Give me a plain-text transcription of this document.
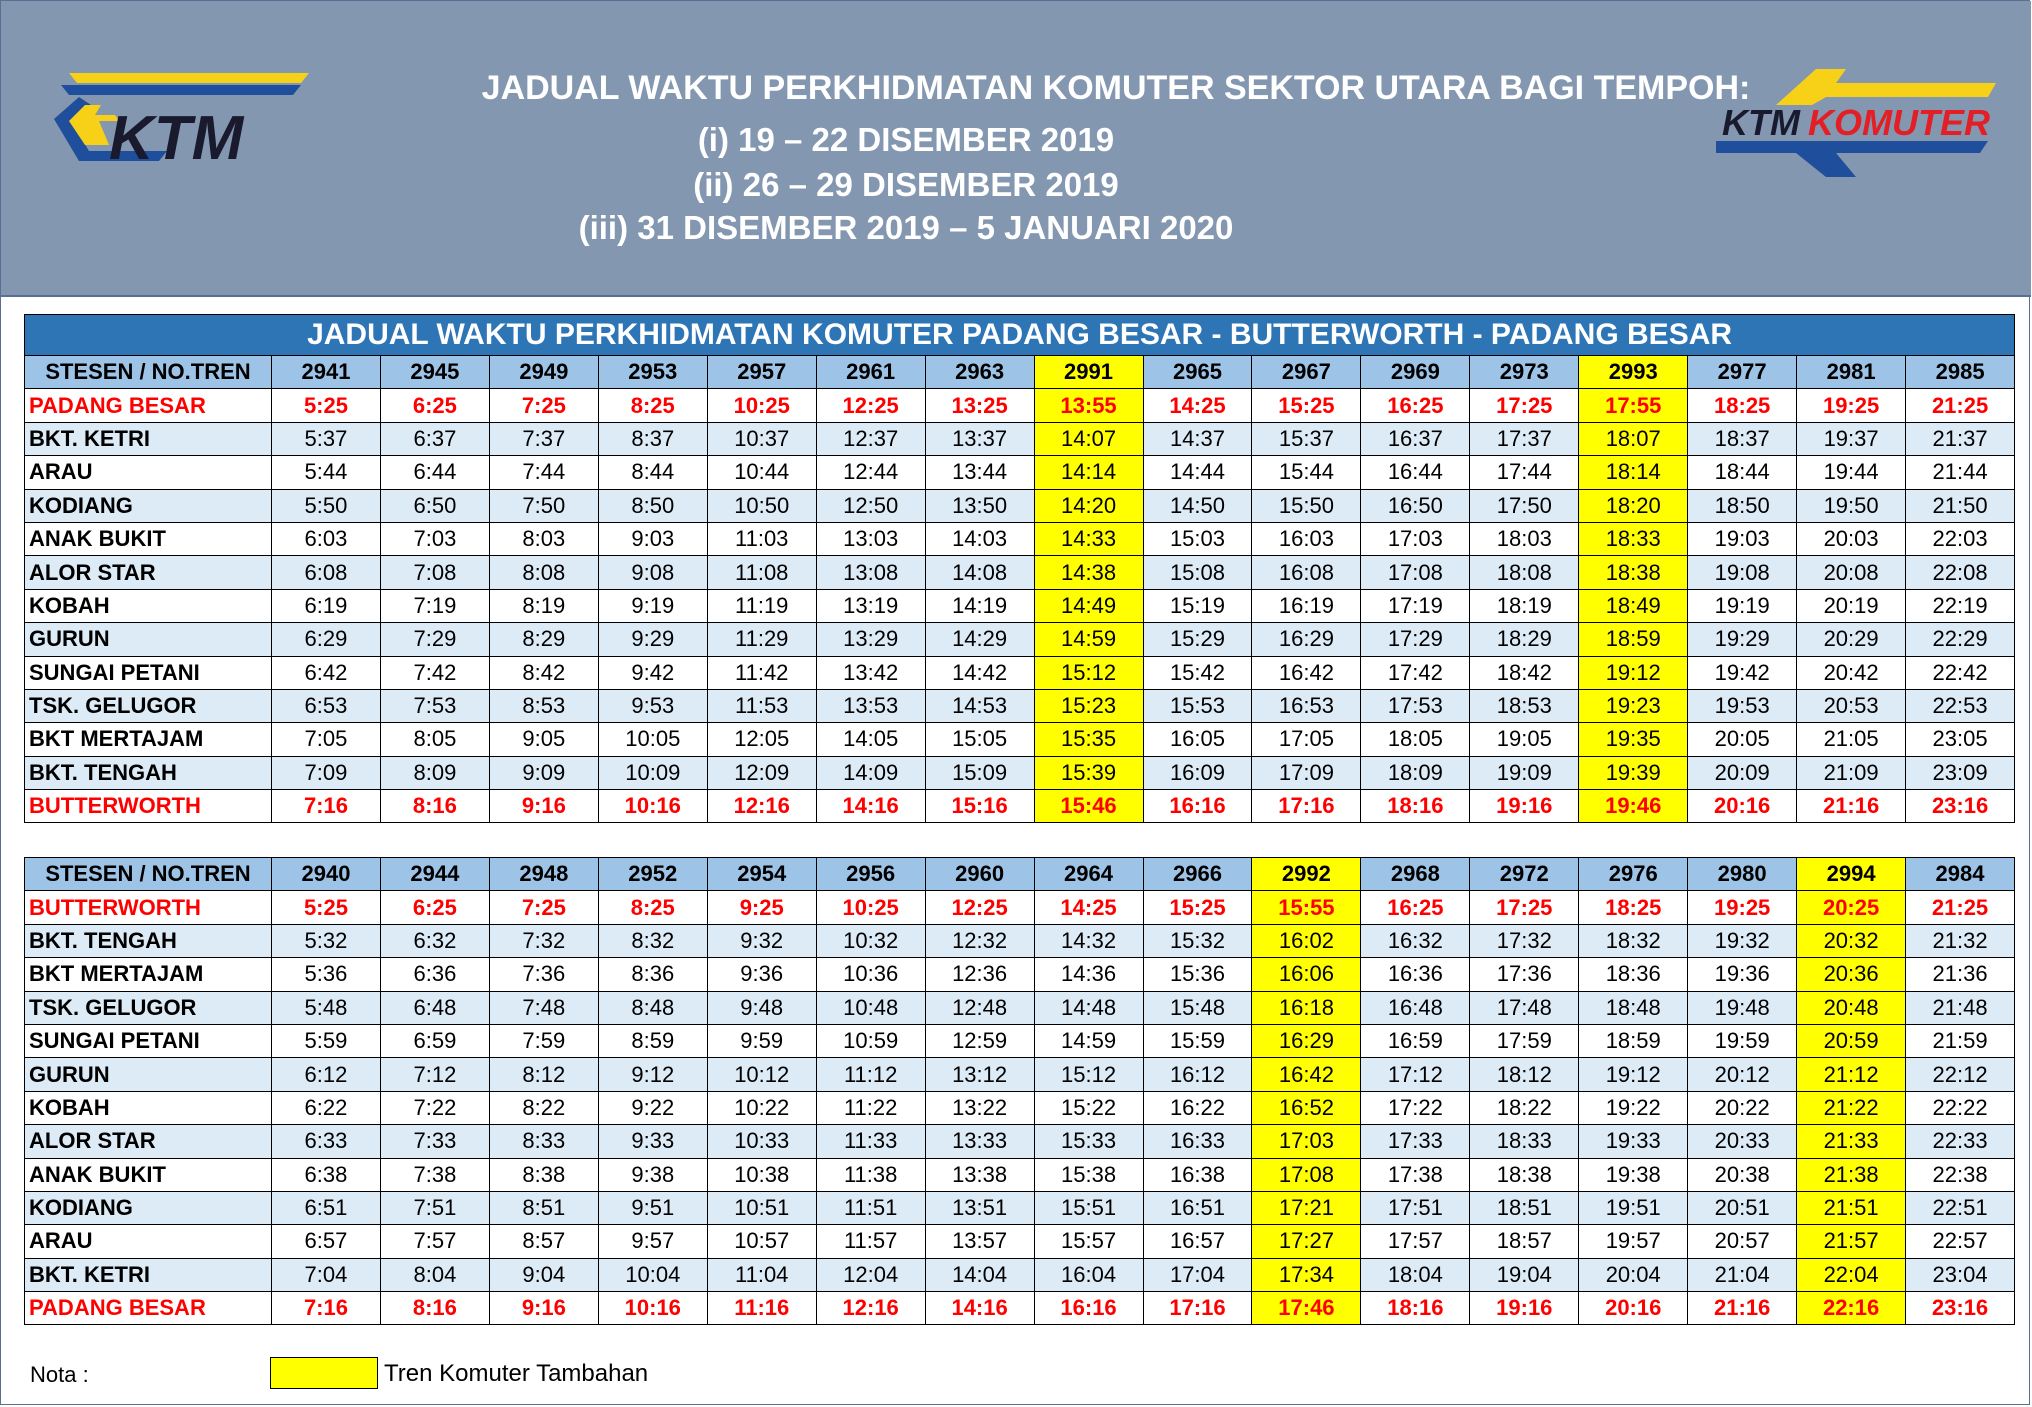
KTM
JADUAL WAKTU PERKHIDMATAN KOMUTER SEKTOR UTARA BAGI TEMPOH:
(i) 19 – 22 DISEMBER 2019
(ii) 26 – 29 DISEMBER 2019
(iii) 31 DISEMBER 2019 – 5 JANUARI 2020
KTM KOMUTER
JADUAL WAKTU PERKHIDMATAN KOMUTER PADANG BESAR - BUTTERWORTH - PADANG BESAR																
STESEN / NO.TREN	2941	2945	2949	2953	2957	2961	2963	2991	2965	2967	2969	2973	2993	2977	2981	2985
PADANG BESAR	5:25	6:25	7:25	8:25	10:25	12:25	13:25	13:55	14:25	15:25	16:25	17:25	17:55	18:25	19:25	21:25
BKT. KETRI	5:37	6:37	7:37	8:37	10:37	12:37	13:37	14:07	14:37	15:37	16:37	17:37	18:07	18:37	19:37	21:37
ARAU	5:44	6:44	7:44	8:44	10:44	12:44	13:44	14:14	14:44	15:44	16:44	17:44	18:14	18:44	19:44	21:44
KODIANG	5:50	6:50	7:50	8:50	10:50	12:50	13:50	14:20	14:50	15:50	16:50	17:50	18:20	18:50	19:50	21:50
ANAK BUKIT	6:03	7:03	8:03	9:03	11:03	13:03	14:03	14:33	15:03	16:03	17:03	18:03	18:33	19:03	20:03	22:03
ALOR STAR	6:08	7:08	8:08	9:08	11:08	13:08	14:08	14:38	15:08	16:08	17:08	18:08	18:38	19:08	20:08	22:08
KOBAH	6:19	7:19	8:19	9:19	11:19	13:19	14:19	14:49	15:19	16:19	17:19	18:19	18:49	19:19	20:19	22:19
GURUN	6:29	7:29	8:29	9:29	11:29	13:29	14:29	14:59	15:29	16:29	17:29	18:29	18:59	19:29	20:29	22:29
SUNGAI PETANI	6:42	7:42	8:42	9:42	11:42	13:42	14:42	15:12	15:42	16:42	17:42	18:42	19:12	19:42	20:42	22:42
TSK. GELUGOR	6:53	7:53	8:53	9:53	11:53	13:53	14:53	15:23	15:53	16:53	17:53	18:53	19:23	19:53	20:53	22:53
BKT MERTAJAM	7:05	8:05	9:05	10:05	12:05	14:05	15:05	15:35	16:05	17:05	18:05	19:05	19:35	20:05	21:05	23:05
BKT. TENGAH	7:09	8:09	9:09	10:09	12:09	14:09	15:09	15:39	16:09	17:09	18:09	19:09	19:39	20:09	21:09	23:09
BUTTERWORTH	7:16	8:16	9:16	10:16	12:16	14:16	15:16	15:46	16:16	17:16	18:16	19:16	19:46	20:16	21:16	23:16
STESEN / NO.TREN	2940	2944	2948	2952	2954	2956	2960	2964	2966	2992	2968	2972	2976	2980	2994	2984
BUTTERWORTH	5:25	6:25	7:25	8:25	9:25	10:25	12:25	14:25	15:25	15:55	16:25	17:25	18:25	19:25	20:25	21:25
BKT. TENGAH	5:32	6:32	7:32	8:32	9:32	10:32	12:32	14:32	15:32	16:02	16:32	17:32	18:32	19:32	20:32	21:32
BKT MERTAJAM	5:36	6:36	7:36	8:36	9:36	10:36	12:36	14:36	15:36	16:06	16:36	17:36	18:36	19:36	20:36	21:36
TSK. GELUGOR	5:48	6:48	7:48	8:48	9:48	10:48	12:48	14:48	15:48	16:18	16:48	17:48	18:48	19:48	20:48	21:48
SUNGAI PETANI	5:59	6:59	7:59	8:59	9:59	10:59	12:59	14:59	15:59	16:29	16:59	17:59	18:59	19:59	20:59	21:59
GURUN	6:12	7:12	8:12	9:12	10:12	11:12	13:12	15:12	16:12	16:42	17:12	18:12	19:12	20:12	21:12	22:12
KOBAH	6:22	7:22	8:22	9:22	10:22	11:22	13:22	15:22	16:22	16:52	17:22	18:22	19:22	20:22	21:22	22:22
ALOR STAR	6:33	7:33	8:33	9:33	10:33	11:33	13:33	15:33	16:33	17:03	17:33	18:33	19:33	20:33	21:33	22:33
ANAK BUKIT	6:38	7:38	8:38	9:38	10:38	11:38	13:38	15:38	16:38	17:08	17:38	18:38	19:38	20:38	21:38	22:38
KODIANG	6:51	7:51	8:51	9:51	10:51	11:51	13:51	15:51	16:51	17:21	17:51	18:51	19:51	20:51	21:51	22:51
ARAU	6:57	7:57	8:57	9:57	10:57	11:57	13:57	15:57	16:57	17:27	17:57	18:57	19:57	20:57	21:57	22:57
BKT. KETRI	7:04	8:04	9:04	10:04	11:04	12:04	14:04	16:04	17:04	17:34	18:04	19:04	20:04	21:04	22:04	23:04
PADANG BESAR	7:16	8:16	9:16	10:16	11:16	12:16	14:16	16:16	17:16	17:46	18:16	19:16	20:16	21:16	22:16	23:16
Nota :	Tren Komuter Tambahan
